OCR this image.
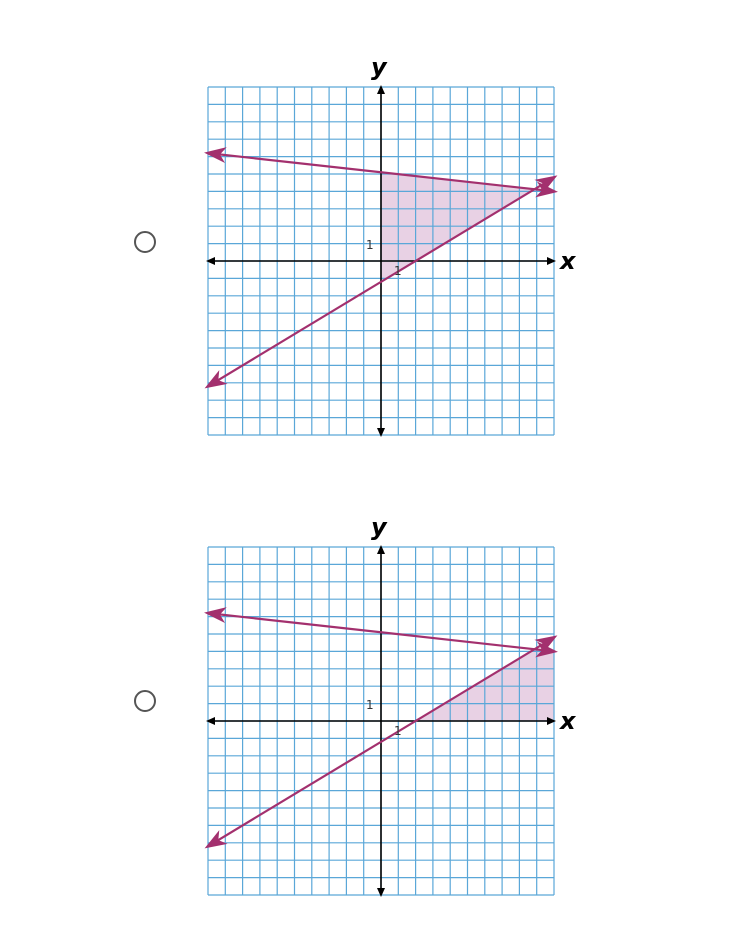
x
y
1
1
x
y
1
1
